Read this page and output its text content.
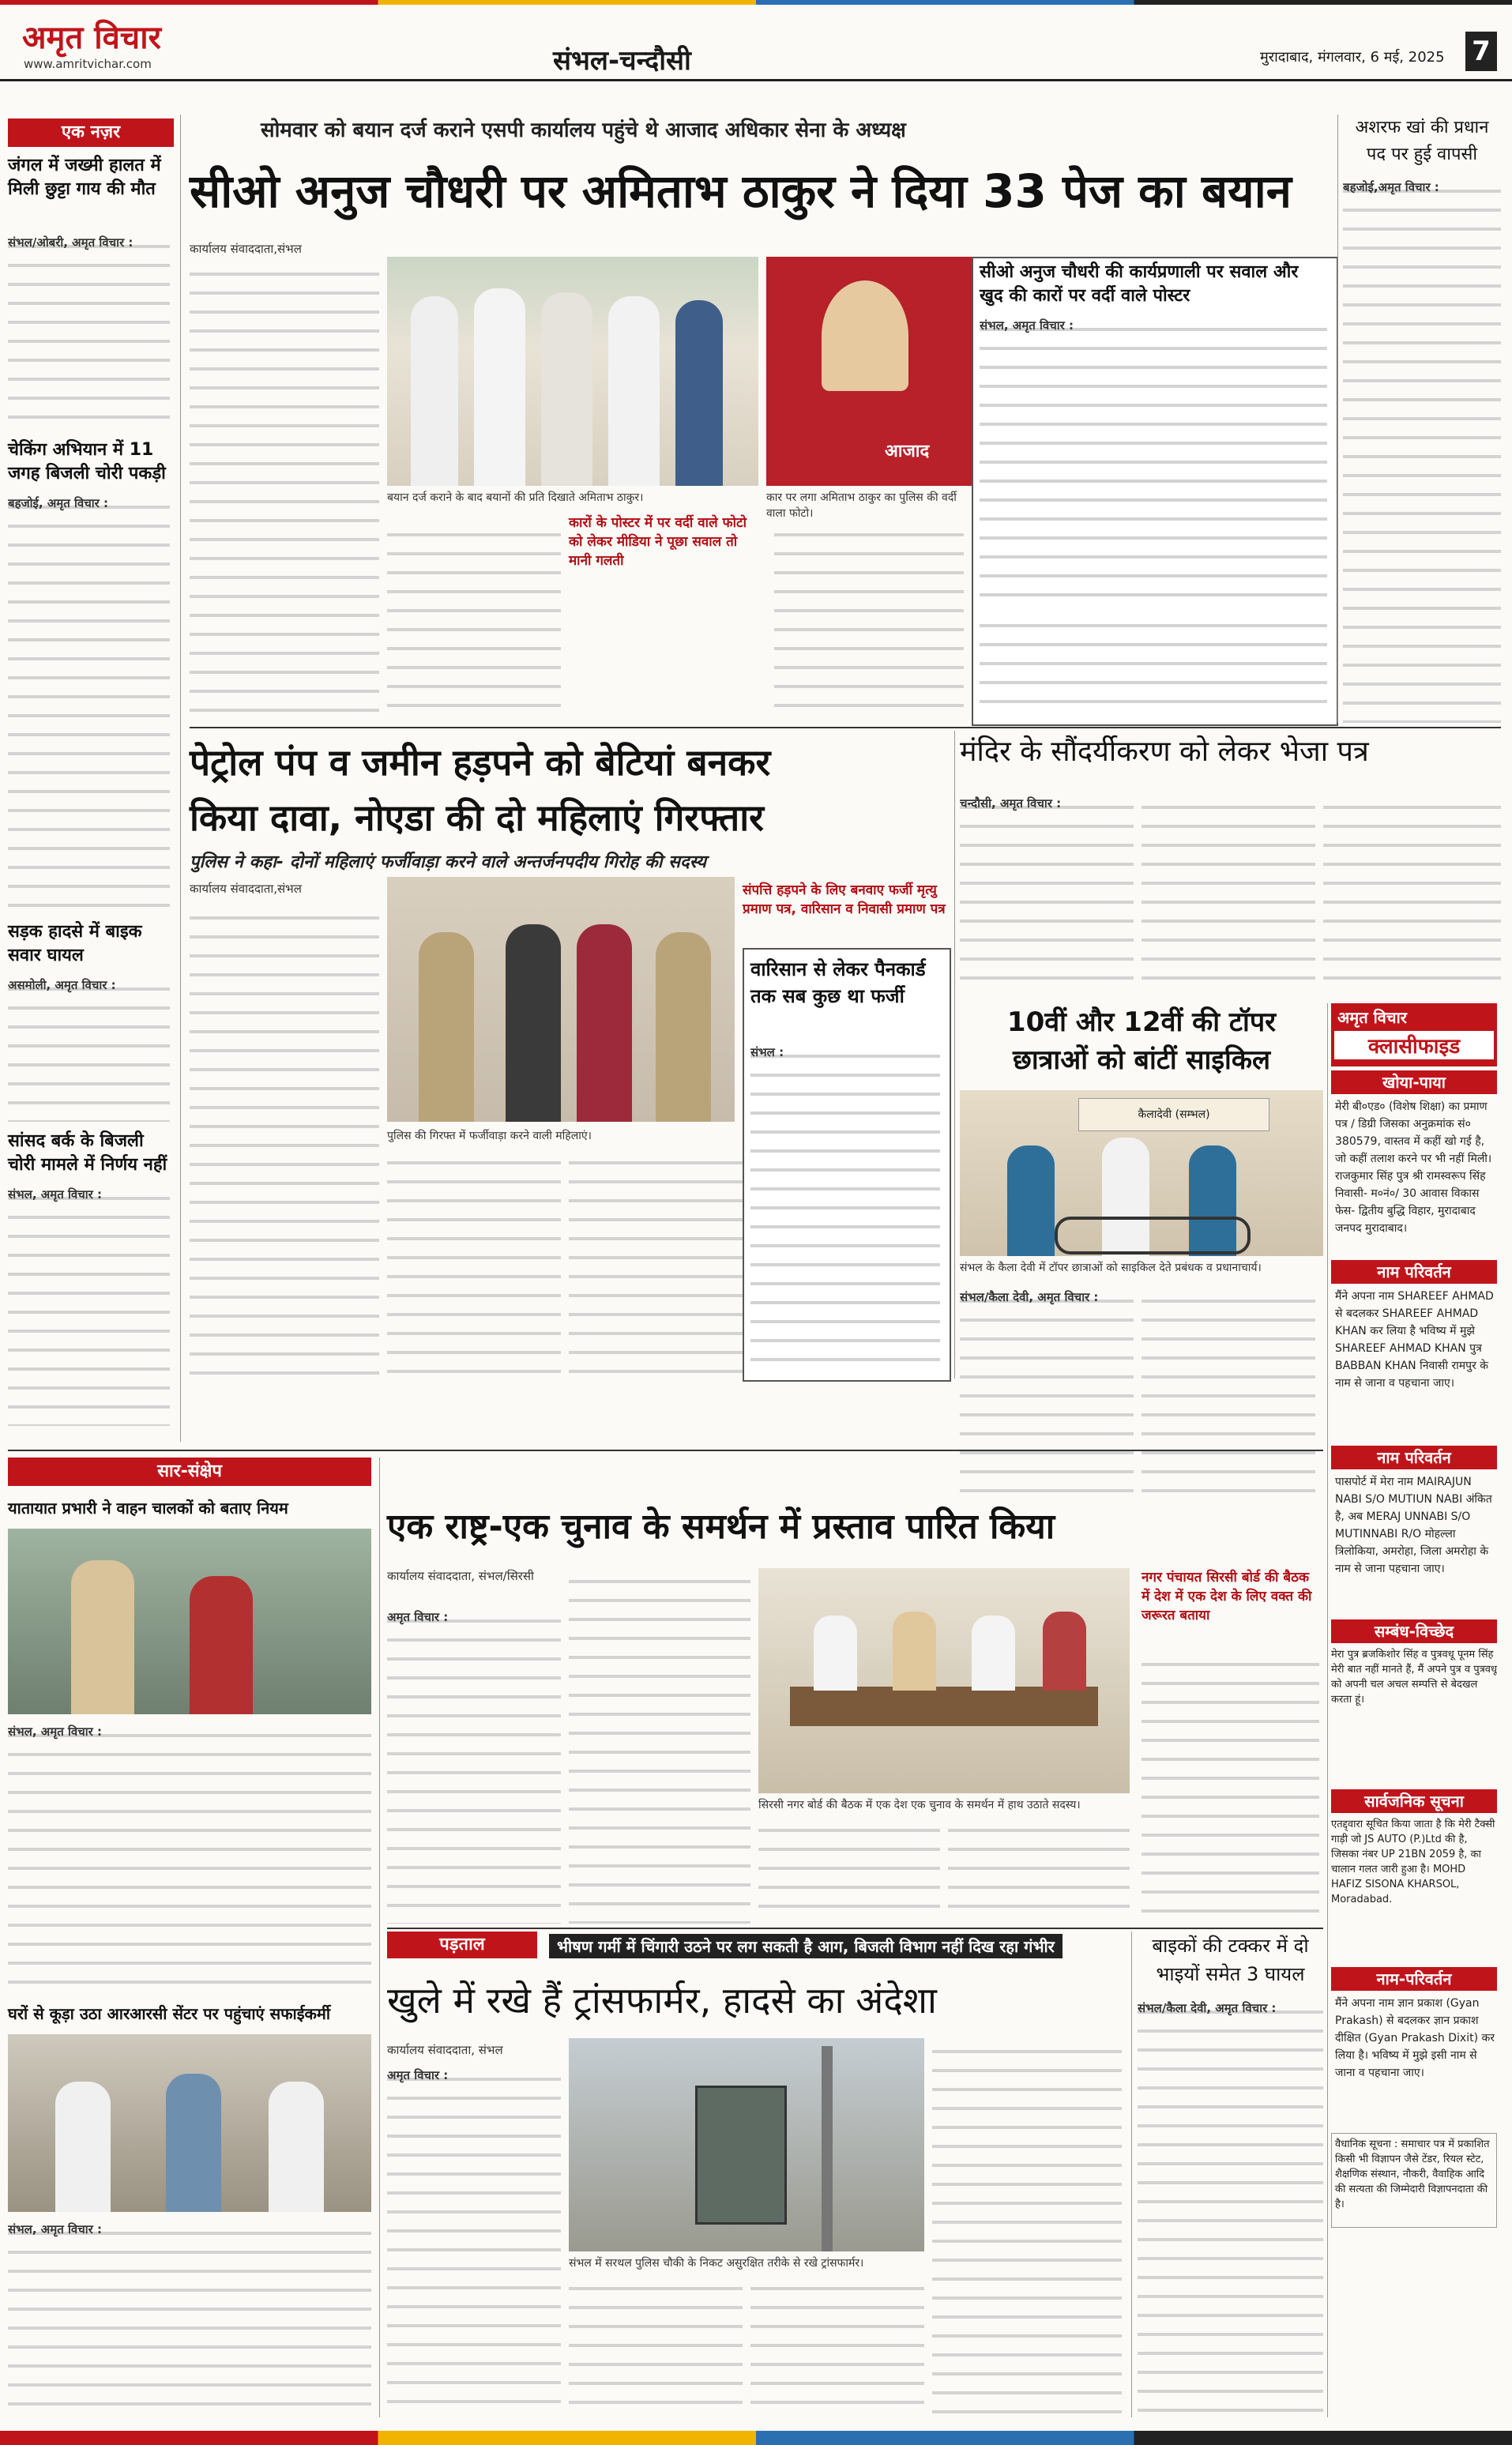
अमृत विचार
www.amritvichar.com	संभल-चन्दौसी	मुरादाबाद, मंगलवार, 6 मई, 2025 7
एक नज़र
जंगल में जख्मी हालत में मिली छुट्टा गाय की मौत
संभल/ओबरी, अमृत विचार :
चेकिंग अभियान में 11 जगह बिजली चोरी पकड़ी
बहजोई, अमृत विचार :
सड़क हादसे में बाइक सवार घायल
असमोली, अमृत विचार :
सांसद बर्क के बिजली चोरी मामले में निर्णय नहीं
संभल, अमृत विचार :
सोमवार को बयान दर्ज कराने एसपी कार्यालय पहुंचे थे आजाद अधिकार सेना के अध्यक्ष
सीओ अनुज चौधरी पर अमिताभ ठाकुर ने दिया 33 पेज का बयान
कार्यालय संवाददाता,संभल
बयान दर्ज कराने के बाद बयानों की प्रति दिखाते अमिताभ ठाकुर।
आजाद
कार पर लगा अमिताभ ठाकुर का पुलिस की वर्दी वाला फोटो।
कारों के पोस्टर में पर वर्दी वाले फोटो को लेकर मीडिया ने पूछा सवाल तो मानी गलती
सीओ अनुज चौधरी की कार्यप्रणाली पर सवाल और खुद की कारों पर वर्दी वाले पोस्टर
संभल, अमृत विचार :
अशरफ खां की प्रधान पद पर हुई वापसी
बहजोई,अमृत विचार :
पेट्रोल पंप व जमीन हड़पने को बेटियां बनकर
किया दावा, नोएडा की दो महिलाएं गिरफ्तार
पुलिस ने कहा- दोनों महिलाएं फर्जीवाड़ा करने वाले अन्तर्जनपदीय गिरोह की सदस्य
कार्यालय संवाददाता,संभल
पुलिस की गिरफ्त में फर्जीवाड़ा करने वाली महिलाएं।
संपत्ति हड़पने के लिए बनवाए फर्जी मृत्यु प्रमाण पत्र, वारिसान व निवासी प्रमाण पत्र
वारिसान से लेकर पैनकार्ड तक सब कुछ था फर्जी
संभल :
मंदिर के सौंदर्यीकरण को लेकर भेजा पत्र
चन्दौसी, अमृत विचार :
10वीं और 12वीं की टॉपर
छात्राओं को बांटीं साइकिल
कैलादेवी (सम्भल)
संभल के कैला देवी में टॉपर छात्राओं को साइकिल देते प्रबंधक व प्रधानाचार्य।
संभल/कैला देवी, अमृत विचार :
अमृत विचार
क्लासीफाइड
खोया-पाया
मेरी बी०एड० (विशेष शिक्षा) का प्रमाण पत्र / डिग्री जिसका अनुक्रमांक सं० 380579, वास्तव में कहीं खो गई है, जो कहीं तलाश करने पर भी नहीं मिली। राजकुमार सिंह पुत्र श्री रामस्वरूप सिंह निवासी- म०नं०/ 30 आवास विकास फेस- द्वितीय बुद्धि विहार, मुरादाबाद जनपद मुरादाबाद।
नाम परिवर्तन
मैंने अपना नाम SHAREEF AHMAD से बदलकर SHAREEF AHMAD KHAN कर लिया है भविष्य में मुझे SHAREEF AHMAD KHAN पुत्र BABBAN KHAN निवासी रामपुर के नाम से जाना व पहचाना जाए।
नाम परिवर्तन
पासपोर्ट में मेरा नाम MAIRAJUN NABI S/O MUTIUN NABI अंकित है, अब MERAJ UNNABI S/O MUTINNABI R/O मोहल्ला त्रिलोकिया, अमरोहा, जिला अमरोहा के नाम से जाना पहचाना जाए।
सम्बंध-विच्छेद
मेरा पुत्र ब्रजकिशोर सिंह व पुत्रवधू पूनम सिंह मेरी बात नहीं मानते हैं, मैं अपने पुत्र व पुत्रवधू को अपनी चल अचल सम्पत्ति से बेदखल करता हूं।
सार्वजनिक सूचना
एतद्द्वारा सूचित किया जाता है कि मेरी टैक्सी गाड़ी जो JS AUTO (P.)Ltd की है, जिसका नंबर UP 21BN 2059 है, का चालान गलत जारी हुआ है। MOHD HAFIZ SISONA KHARSOL, Moradabad.
नाम-परिवर्तन
मैंने अपना नाम ज्ञान प्रकाश (Gyan Prakash) से बदलकर ज्ञान प्रकाश दीक्षित (Gyan Prakash Dixit) कर लिया है। भविष्य में मुझे इसी नाम से जाना व पहचाना जाए।
वैधानिक सूचना : समाचार पत्र में प्रकाशित किसी भी विज्ञापन जैसे टेंडर, रियल स्टेट, शैक्षणिक संस्थान, नौकरी, वैवाहिक आदि की सत्यता की जिम्मेदारी विज्ञापनदाता की है।
सार-संक्षेप
यातायात प्रभारी ने वाहन चालकों को बताए नियम
संभल, अमृत विचार :
घरों से कूड़ा उठा आरआरसी सेंटर पर पहुंचाएं सफाईकर्मी
संभल, अमृत विचार :
एक राष्ट्र-एक चुनाव के समर्थन में प्रस्ताव पारित किया
कार्यालय संवाददाता, संभल/सिरसी
अमृत विचार :
सिरसी नगर बोर्ड की बैठक में एक देश एक चुनाव के समर्थन में हाथ उठाते सदस्य।
नगर पंचायत सिरसी बोर्ड की बैठक में देश में एक देश के लिए वक्त की जरूरत बताया
पड़ताल	भीषण गर्मी में चिंगारी उठने पर लग सकती है आग, बिजली विभाग नहीं दिख रहा गंभीर
खुले में रखे हैं ट्रांसफार्मर, हादसे का अंदेशा
कार्यालय संवाददाता, संभल
अमृत विचार :
संभल में सरथल पुलिस चौकी के निकट असुरक्षित तरीके से रखे ट्रांसफार्मर।
बाइकों की टक्कर में दो भाइयों समेत 3 घायल
संभल/कैला देवी, अमृत विचार :
